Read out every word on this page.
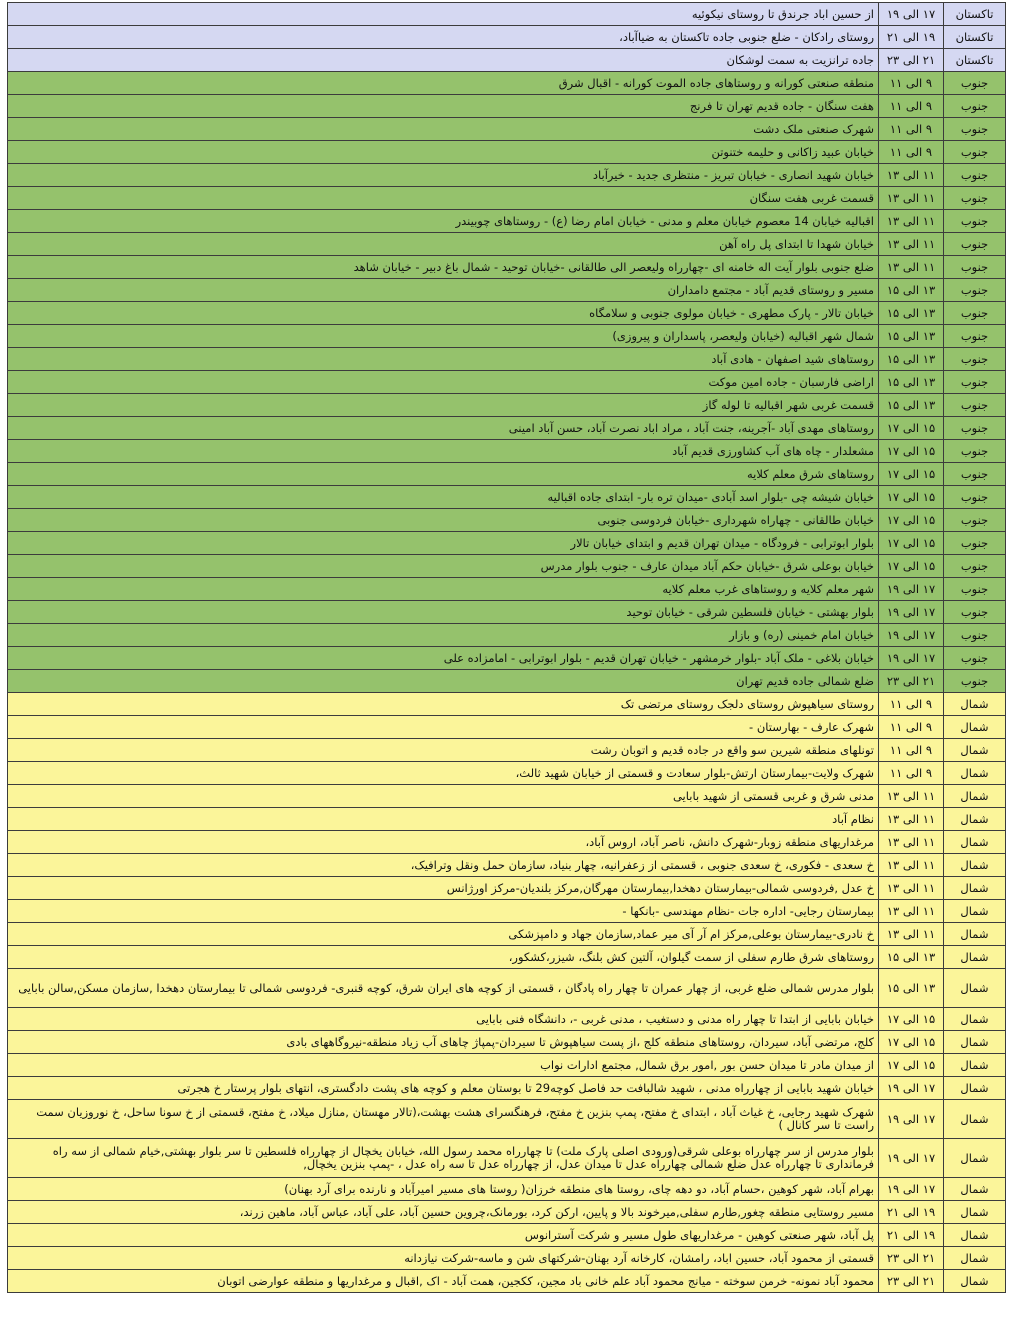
تاکستان	۱۷ الی ۱۹	از حسین اباد جرندق تا روستای نیکوئیه
تاکستان	۱۹ الی ۲۱	روستای رادکان - ضلع جنوبی جاده تاکستان به ضیاآباد،
تاکستان	۲۱ الی ۲۳	جاده ترانزیت به سمت لوشکان
جنوب	۹ الی ۱۱	منطقه صنعتی کورانه و روستاهای جاده الموت کورانه - اقبال شرق
جنوب	۹ الی ۱۱	هفت سنگان - جاده قدیم تهران تا فرنج
جنوب	۹ الی ۱۱	شهرک صنعتی ملک دشت
جنوب	۹ الی ۱۱	خیابان عبید زاکانی و حلیمه ختنوتن
جنوب	۱۱ الی ۱۳	خیابان شهید انصاری - خیابان تبریز - منتظری جدید - خیرآباد
جنوب	۱۱ الی ۱۳	قسمت غربی هفت سنگان
جنوب	۱۱ الی ۱۳	اقبالیه خیابان 14 معصوم خیابان معلم و مدنی - خیابان امام رضا (ع) - روستاهای چوبیندر
جنوب	۱۱ الی ۱۳	خیابان شهدا تا ابتدای پل راه آهن
جنوب	۱۱ الی ۱۳	ضلع جنوبی بلوار آیت اله خامنه ای -چهارراه ولیعصر الی طالقانی -خیابان توحید - شمال باغ دبیر - خیابان شاهد
جنوب	۱۳ الی ۱۵	مسیر و روستای قدیم آباد - مجتمع دامداران
جنوب	۱۳ الی ۱۵	خیابان تالار - پارک مطهری - خیابان مولوی جنوبی و سلامگاه
جنوب	۱۳ الی ۱۵	شمال شهر اقبالیه (خیابان ولیعصر، پاسداران و پیروزی)
جنوب	۱۳ الی ۱۵	روستاهای شید اصفهان - هادی آباد
جنوب	۱۳ الی ۱۵	اراضی فارسبان - جاده امین موکت
جنوب	۱۳ الی ۱۵	قسمت غربی شهر اقبالیه تا لوله گاز
جنوب	۱۵ الی ۱۷	روستاهای مهدی آباد -آجرینه، جنت آباد ، مراد اباد نصرت آباد، حسن آباد امینی
جنوب	۱۵ الی ۱۷	مشعلدار - چاه های آب کشاورزی قدیم آباد
جنوب	۱۵ الی ۱۷	روستاهای شرق معلم کلایه
جنوب	۱۵ الی ۱۷	خیابان شیشه چی -بلوار اسد آبادی -میدان تره بار- ابتدای جاده اقبالیه
جنوب	۱۵ الی ۱۷	خیابان طالقانی - چهاراه شهرداری -خیابان فردوسی جنوبی
جنوب	۱۵ الی ۱۷	بلوار ابوترابی - فرودگاه - میدان تهران قدیم و ابتدای خیابان تالار
جنوب	۱۵ الی ۱۷	خیابان بوعلی شرق -خیابان حکم آباد میدان عارف - جنوب بلوار مدرس
جنوب	۱۷ الی ۱۹	شهر معلم کلایه و روستاهای غرب معلم کلایه
جنوب	۱۷ الی ۱۹	بلوار بهشتی - خیابان فلسطین شرقی - خیابان توحید
جنوب	۱۷ الی ۱۹	خیابان امام خمینی (ره) و بازار
جنوب	۱۷ الی ۱۹	خیابان بلاغی - ملک آباد -بلوار خرمشهر - خیابان تهران قدیم - بلوار ابوترابی - امامزاده علی
جنوب	۲۱ الی ۲۳	ضلع شمالی جاده قدیم تهران
شمال	۹ الی ۱۱	روستای سیاهپوش روستای دلجک روستای مرتضی تک
شمال	۹ الی ۱۱	شهرک عارف - بهارستان -
شمال	۹ الی ۱۱	تونلهای منطقه شیرین سو واقع در جاده قدیم و اتوبان رشت
شمال	۹ الی ۱۱	شهرک ولایت-بیمارستان ارتش-بلوار سعادت و قسمتی از خیابان شهید ثالث،
شمال	۱۱ الی ۱۳	مدنی شرق و غربی قسمتی از شهید بابایی
شمال	۱۱ الی ۱۳	نظام آباد
شمال	۱۱ الی ۱۳	مرغداریهای منطقه زوبار-شهرک دانش، ناصر آباد، اروس آباد،
شمال	۱۱ الی ۱۳	خ سعدی - فکوری، خ سعدی جنوبی ، قسمتی از زعفرانیه، چهار بنیاد، سازمان حمل ونقل وترافیک،
شمال	۱۱ الی ۱۳	خ عدل ,فردوسی شمالی-بیمارستان دهخدا,بیمارستان مهرگان,مرکز بلندیان-مرکز اورژانس
شمال	۱۱ الی ۱۳	بیمارستان رجایی- اداره جات -نظام مهندسی -بانکها -
شمال	۱۱ الی ۱۳	خ نادری-بیمارستان بوعلی,مرکز ام آر آی میر عماد,سازمان جهاد و دامپزشکی
شمال	۱۳ الی ۱۵	روستاهای شرق طارم سفلی از سمت گیلوان، آلتین کش بلنگ، شیزر،کشکور،
شمال	۱۳ الی ۱۵	بلوار مدرس شمالی ضلع غربی، از چهار عمران تا چهار راه پادگان ، قسمتی از کوچه های ایران شرق، کوچه قنبری- فردوسی شمالی تا بیمارستان دهخدا ,سازمان مسکن,سالن بابایی
شمال	۱۵ الی ۱۷	خیابان بابایی از ابتدا تا چهار راه مدنی و دستغیب ، مدنی غربی -، دانشگاه فنی بابایی
شمال	۱۵ الی ۱۷	کلج، مرتضی آباد، سیردان، روستاهای منطقه کلج ،از پست سیاهپوش تا سیردان-پمپاژ چاهای آب زیاد منطقه-نیروگاههای بادی
شمال	۱۵ الی ۱۷	از میدان مادر تا میدان حسن بور ,امور برق شمال, مجتمع ادارات نواب
شمال	۱۷ الی ۱۹	خیابان شهید بابایی از چهارراه مدنی ، شهید شالبافت حد فاصل کوچه29 تا بوستان معلم و کوچه های پشت دادگستری، انتهای بلوار پرستار خ هجرتی
شمال	۱۷ الی ۱۹	شهرک شهید رجایی، خ غیاث آباد ، ابتدای خ مفتح، پمپ بنزین خ مفتح، فرهنگسرای هشت بهشت،(تالار مهستان ,منازل میلاد، خ مفتح، قسمتی از خ سونا ساحل، خ نوروزیان سمت راست تا سر کانال )
شمال	۱۷ الی ۱۹	بلوار مدرس از سر چهارراه بوعلی شرقی(ورودی اصلی پارک ملت) تا چهارراه محمد رسول الله، خیابان یخچال از چهارراه فلسطین تا سر بلوار بهشتی,خیام شمالی از سه راه فرمانداری تا چهارراه عدل ضلع شمالی چهارراه عدل تا میدان عدل، از چهارراه عدل تا سه راه عدل ، -پمپ بنزین یخچال,
شمال	۱۷ الی ۱۹	بهرام آباد، شهر کوهین ،حسام آباد، دو دهه چای، روستا های منطقه خرزان( روستا های مسیر امیرآباد و نارنده برای آرد بهنان)
شمال	۱۹ الی ۲۱	مسیر روستایی منطقه چغور,طارم سفلی,میرخوند بالا و پایین، ارکن کرد، بورمانک،چروین حسین آباد، علی آباد، عباس آباد، ماهین زرند،
شمال	۱۹ الی ۲۱	پل آباد، شهر صنعتی کوهین - مرغداریهای طول مسیر و شرکت آسترانوس
شمال	۲۱ الی ۲۳	قسمتی از محمود آباد، حسین اباد، رامشان، کارخانه آرد بهنان-شرکتهای شن و ماسه-شرکت نیازدانه
شمال	۲۱ الی ۲۳	محمود آباد نمونه- خرمن سوخته - میانج محمود آباد علم خانی باد مجین، ککجین، همت آباد - اک ,اقبال و مرغداریها و منطقه عوارضی اتوبان
